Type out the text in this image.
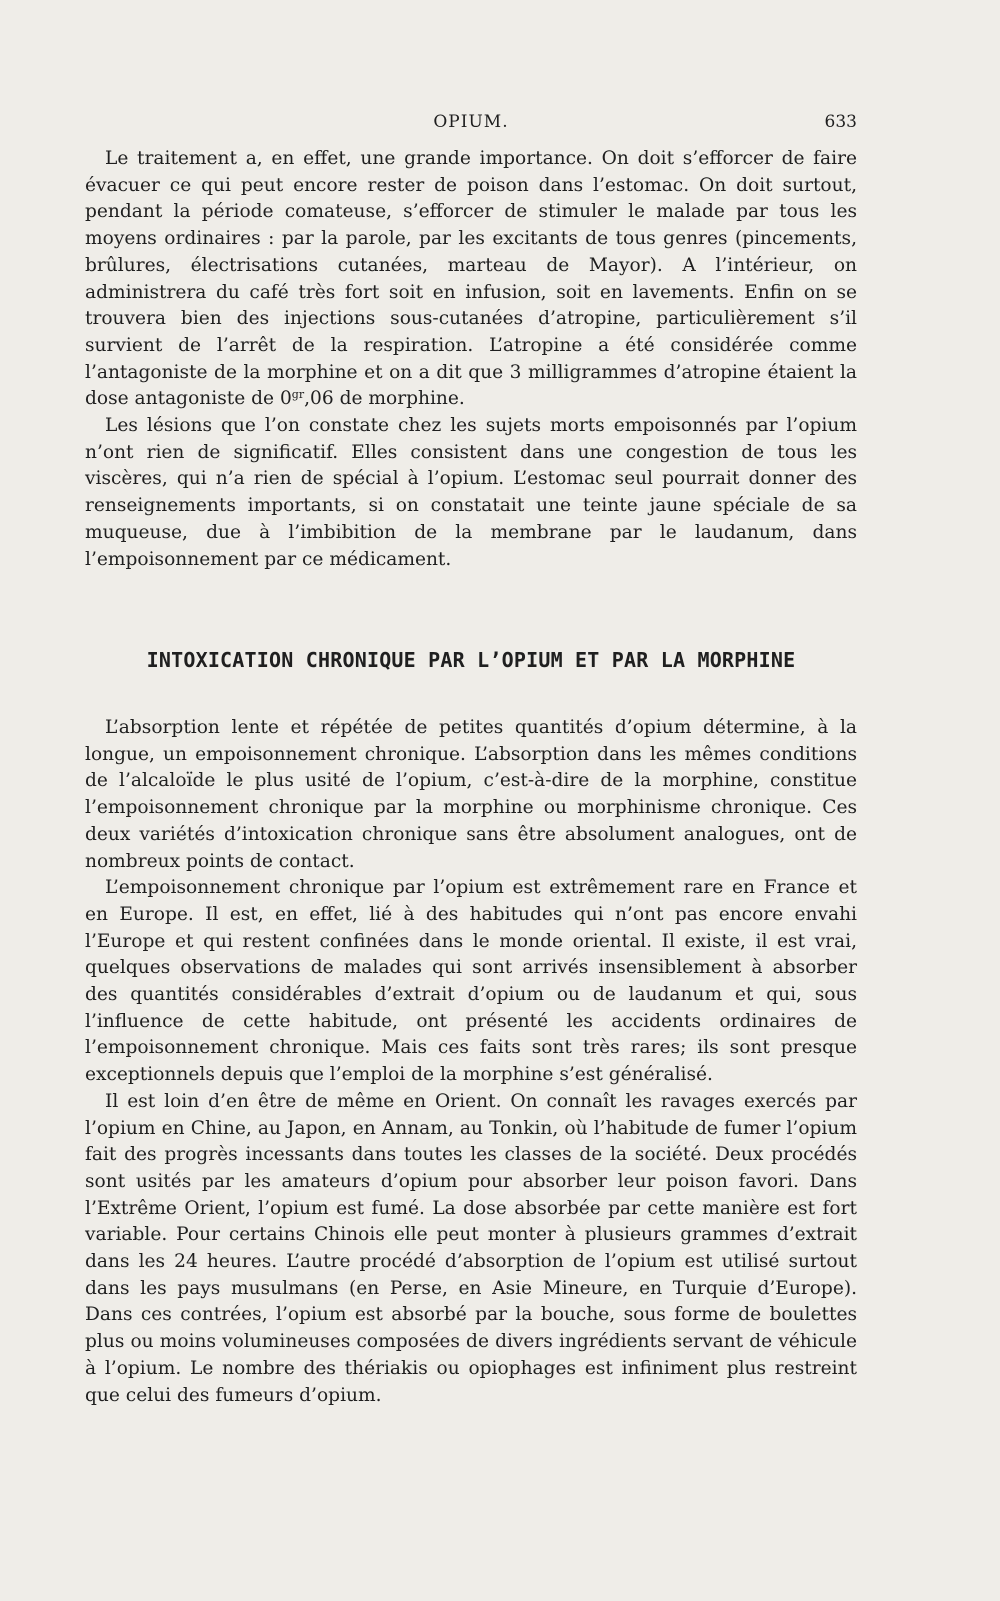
OPIUM.	633

Le traitement a, en effet, une grande importance. On doit s’efforcer de faire évacuer ce qui peut encore rester de poison dans l’estomac. On doit surtout, pendant la période comateuse, s’efforcer de stimuler le malade par tous les moyens ordinaires : par la parole, par les excitants de tous genres (pincements, brûlures, électrisations cutanées, marteau de Mayor). A l’intérieur, on administrera du café très fort soit en infusion, soit en lavements. Enfin on se trouvera bien des injections sous-cutanées d’atropine, particulièrement s’il survient de l’arrêt de la respiration. L’atropine a été considérée comme l’antagoniste de la morphine et on a dit que 3 milligrammes d’atropine étaient la dose antagoniste de $0^{gr},06$ de morphine.

Les lésions que l’on constate chez les sujets morts empoisonnés par l’opium n’ont rien de significatif. Elles consistent dans une congestion de tous les viscères, qui n’a rien de spécial à l’opium. L’estomac seul pourrait donner des renseignements importants, si on constatait une teinte jaune spéciale de sa muqueuse, due à l’imbibition de la membrane par le laudanum, dans l’empoisonnement par ce médicament.

INTOXICATION CHRONIQUE PAR L’OPIUM ET PAR LA MORPHINE

L’absorption lente et répétée de petites quantités d’opium détermine, à la longue, un empoisonnement chronique. L’absorption dans les mêmes conditions de l’alcaloïde le plus usité de l’opium, c’est-à-dire de la morphine, constitue l’empoisonnement chronique par la morphine ou morphinisme chronique. Ces deux variétés d’intoxication chronique sans être absolument analogues, ont de nombreux points de contact.

L’empoisonnement chronique par l’opium est extrêmement rare en France et en Europe. Il est, en effet, lié à des habitudes qui n’ont pas encore envahi l’Europe et qui restent confinées dans le monde oriental. Il existe, il est vrai, quelques observations de malades qui sont arrivés insensiblement à absorber des quantités considérables d’extrait d’opium ou de laudanum et qui, sous l’influence de cette habitude, ont présenté les accidents ordinaires de l’empoisonnement chronique. Mais ces faits sont très rares; ils sont presque exceptionnels depuis que l’emploi de la morphine s’est généralisé.

Il est loin d’en être de même en Orient. On connaît les ravages exercés par l’opium en Chine, au Japon, en Annam, au Tonkin, où l’habitude de fumer l’opium fait des progrès incessants dans toutes les classes de la société. Deux procédés sont usités par les amateurs d’opium pour absorber leur poison favori. Dans l’Extrême Orient, l’opium est fumé. La dose absorbée par cette manière est fort variable. Pour certains Chinois elle peut monter à plusieurs grammes d’extrait dans les 24 heures. L’autre procédé d’absorption de l’opium est utilisé surtout dans les pays musulmans (en Perse, en Asie Mineure, en Turquie d’Europe). Dans ces contrées, l’opium est absorbé par la bouche, sous forme de boulettes plus ou moins volumineuses composées de divers ingrédients servant de véhicule à l’opium. Le nombre des thériakis ou opiophages est infiniment plus restreint que celui des fumeurs d’opium.
